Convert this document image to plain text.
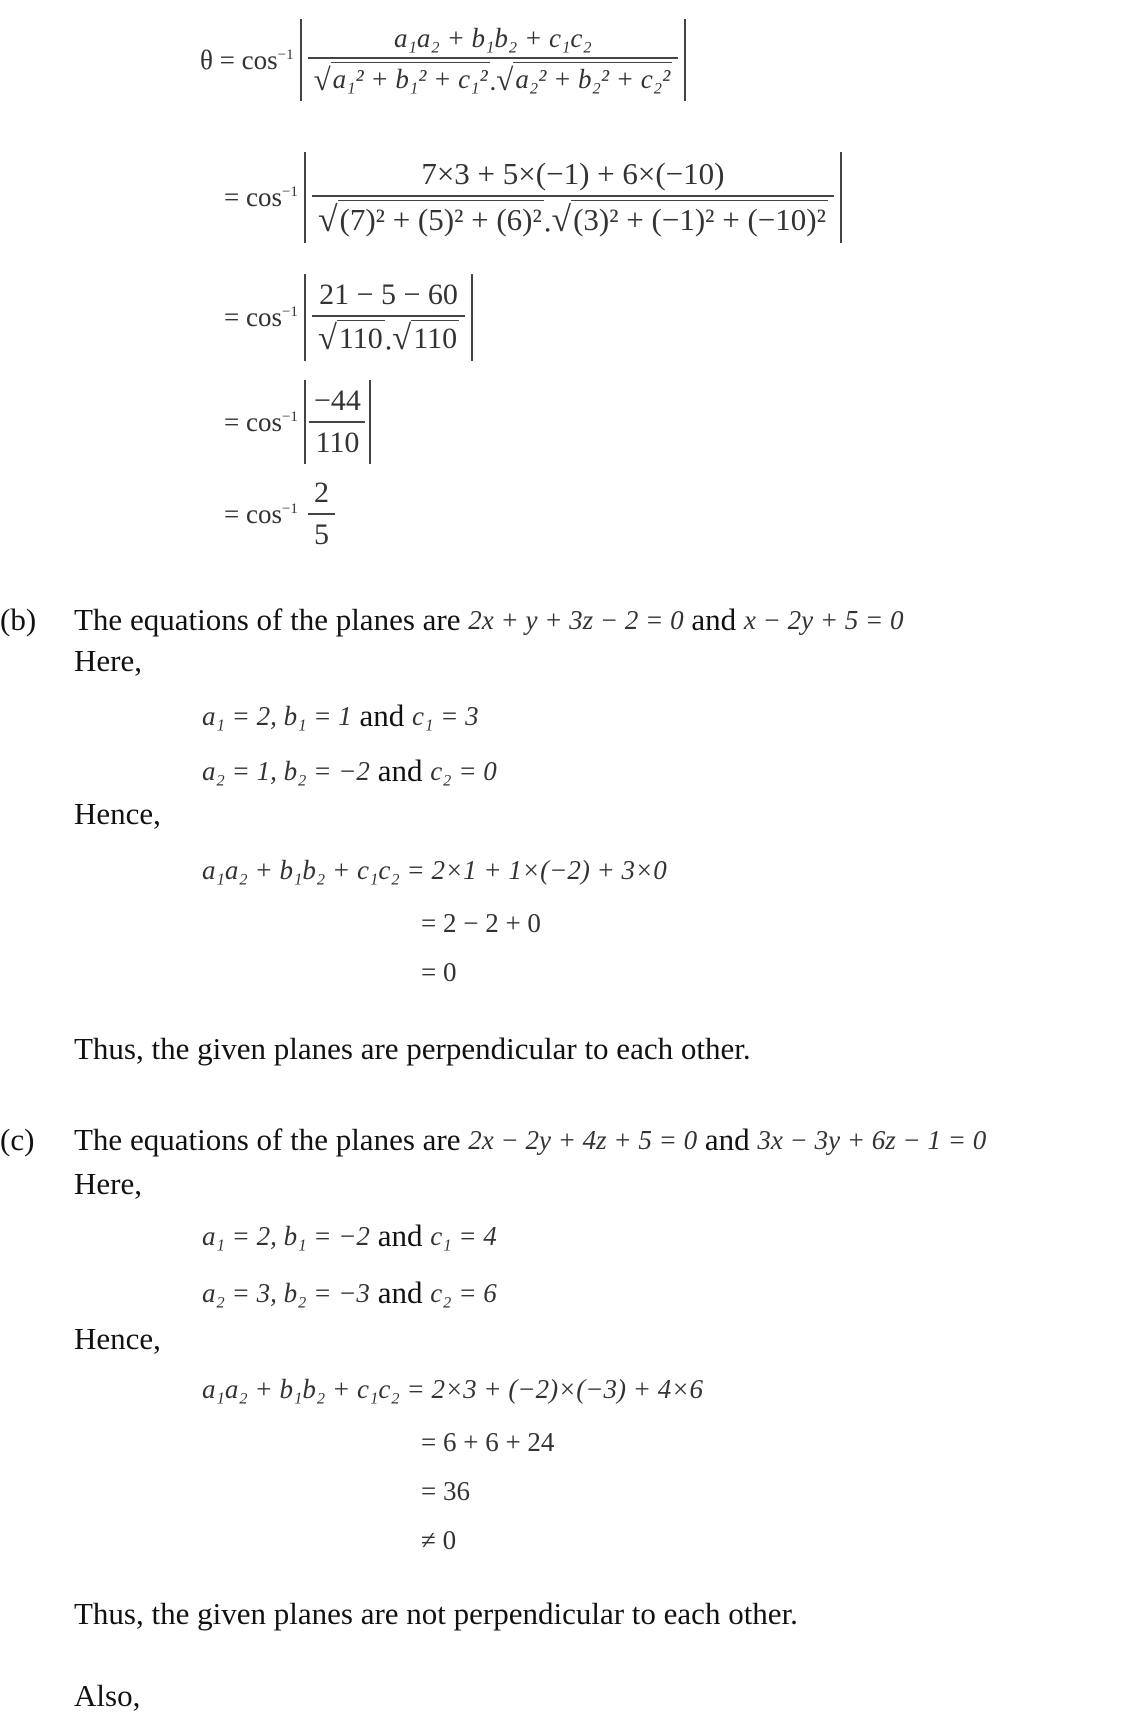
$\theta = \cos^{-1} \frac{\text{a₁a₂ + b₁b₂ + c₁c₂}}{\text{√ a₁² + b₁² + c₁² . √ a₂² + b₂² + c₂²}}$
= $\cos^{-1} \frac{7\times 3 + 5\times(-1) + 6\times(-10)}{\text{√ (7)² + (5)² + (6)² . √ (3)² + (−1)² + (−10)²}}$
= $\cos^{-1} \frac{21 - 5 - 60}{√ 110 . √ 110}$
= $\cos^{-1} \frac{-44}{110}$
= $\cos^{-1} \frac{2}{5}$
(b) The equations of the planes are
2x + y + 3z − 2 = 0
and
x − 2y + 5 = 0
Here,
a₁ = 2, b₁ = 1
and
c₁ = 3
a₂ = 1, b₂ = −2
and
c₂ = 0
Hence,
a₁a₂ + b₁b₂ + c₁c₂ = 2×1 + 1×(−2) + 3×0
= 2 − 2 + 0
= 0
Thus, the given planes are perpendicular to each other.
(c) The equations of the planes are
2x − 2y + 4z + 5 = 0
and
3x − 3y + 6z − 1 = 0
Here,
a₁ = 2, b₁ = −2
and
c₁ = 4
a₂ = 3, b₂ = −3
and
c₂ = 6
Hence,
a₁a₂ + b₁b₂ + c₁c₂ = 2×3 + (−2)×(−3) + 4×6
= 6 + 6 + 24
= 36
≠ 0
Thus, the given planes are not perpendicular to each other.
Also,
